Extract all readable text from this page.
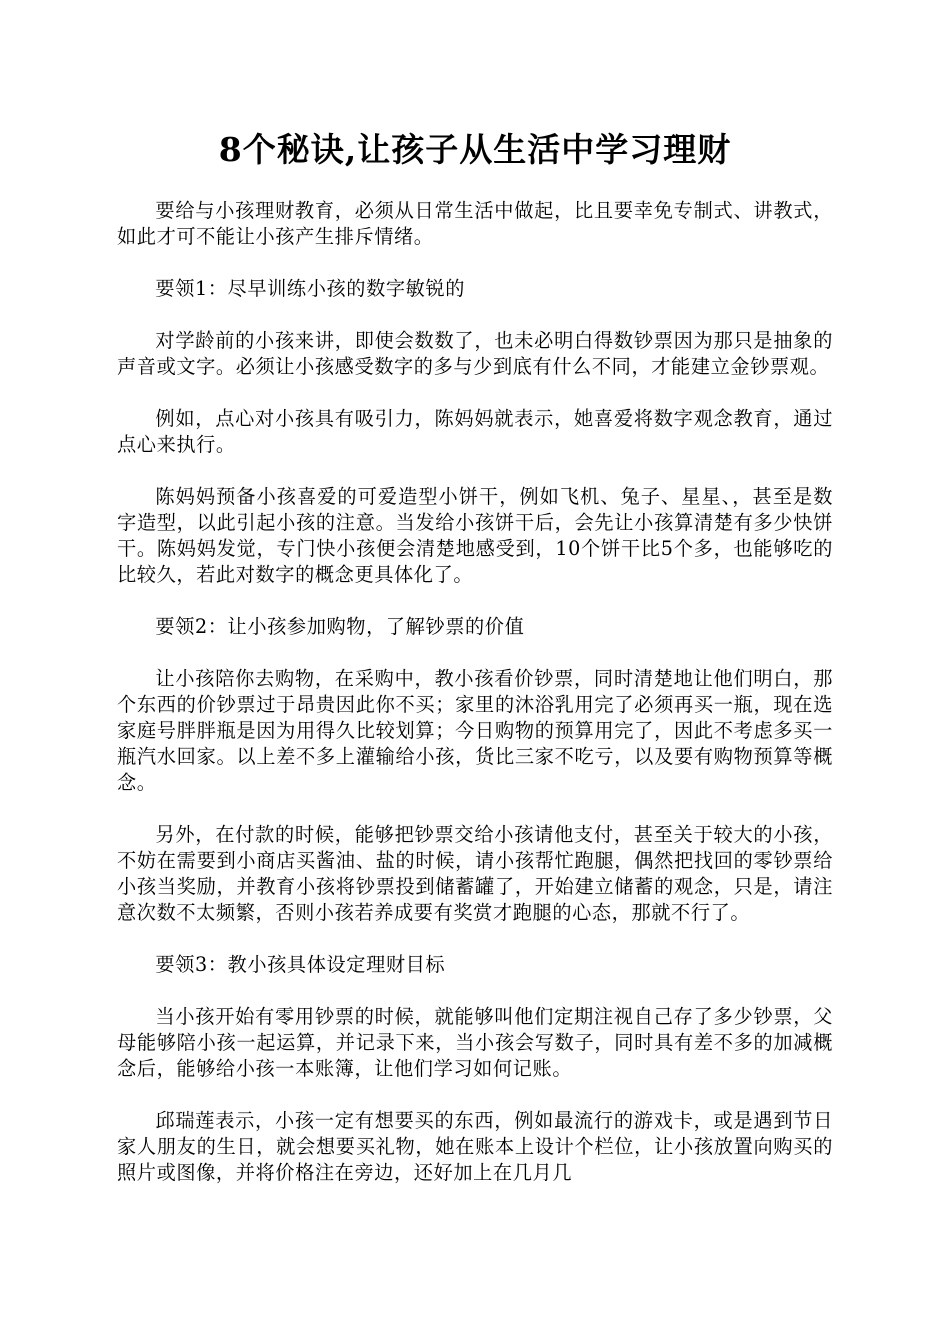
8个秘诀,让孩子从生活中学习理财

要给与小孩理财教育，必须从日常生活中做起，比且要幸免专制式、讲教式，如此才可不能让小孩产生排斥情绪。

要领1：尽早训练小孩的数字敏锐的

对学龄前的小孩来讲，即使会数数了，也未必明白得数钞票因为那只是抽象的声音或文字。必须让小孩感受数字的多与少到底有什么不同，才能建立金钞票观。

例如，点心对小孩具有吸引力，陈妈妈就表示，她喜爱将数字观念教育，通过点心来执行。

陈妈妈预备小孩喜爱的可爱造型小饼干，例如飞机、兔子、星星、，甚至是数字造型，以此引起小孩的注意。当发给小孩饼干后，会先让小孩算清楚有多少快饼干。陈妈妈发觉，专门快小孩便会清楚地感受到，10个饼干比5个多，也能够吃的比较久，若此对数字的概念更具体化了。

要领2：让小孩参加购物，了解钞票的价值

让小孩陪你去购物，在采购中，教小孩看价钞票，同时清楚地让他们明白，那个东西的价钞票过于昂贵因此你不买；家里的沐浴乳用完了必须再买一瓶，现在选家庭号胖胖瓶是因为用得久比较划算；今日购物的预算用完了，因此不考虑多买一瓶汽水回家。以上差不多上灌输给小孩，货比三家不吃亏，以及要有购物预算等概念。

另外，在付款的时候，能够把钞票交给小孩请他支付，甚至关于较大的小孩，不妨在需要到小商店买酱油、盐的时候，请小孩帮忙跑腿，偶然把找回的零钞票给小孩当奖励，并教育小孩将钞票投到储蓄罐了，开始建立储蓄的观念，只是，请注意次数不太频繁，否则小孩若养成要有奖赏才跑腿的心态，那就不行了。

要领3：教小孩具体设定理财目标

当小孩开始有零用钞票的时候，就能够叫他们定期注视自己存了多少钞票，父母能够陪小孩一起运算，并记录下来，当小孩会写数子，同时具有差不多的加减概念后，能够给小孩一本账簿，让他们学习如何记账。

邱瑞莲表示，小孩一定有想要买的东西，例如最流行的游戏卡，或是遇到节日家人朋友的生日，就会想要买礼物，她在账本上设计个栏位，让小孩放置向购买的照片或图像，并将价格注在旁边，还好加上在几月几
